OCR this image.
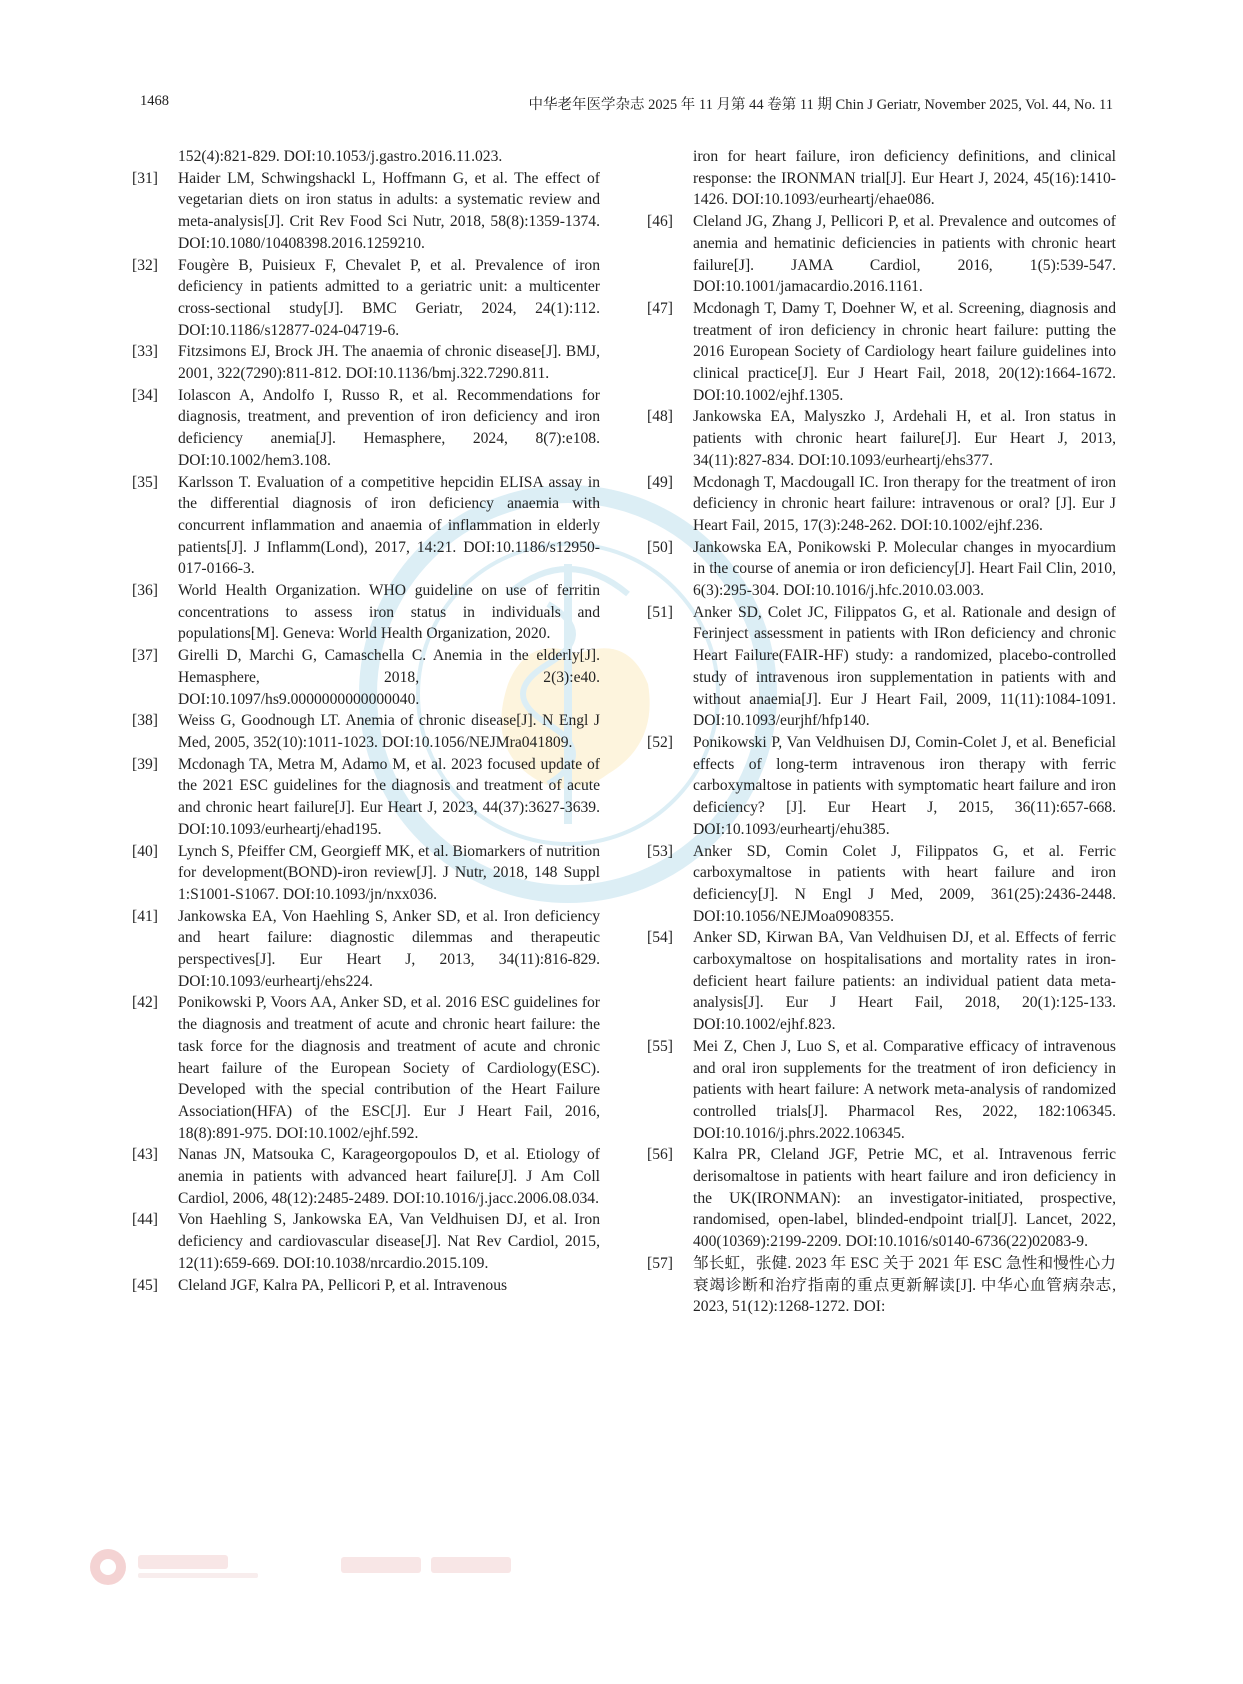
1468	中华老年医学杂志 2025 年 11 月第 44 卷第 11 期 Chin J Geriatr, November 2025, Vol. 44, No. 11
152(4):821-829. DOI:10.1053/j.gastro.2016.11.023.
[31] Haider LM, Schwingshackl L, Hoffmann G, et al. The effect of vegetarian diets on iron status in adults: a systematic review and meta-analysis[J]. Crit Rev Food Sci Nutr, 2018, 58(8):1359-1374. DOI:10.1080/10408398.2016.1259210.
[32] Fougère B, Puisieux F, Chevalet P, et al. Prevalence of iron deficiency in patients admitted to a geriatric unit: a multicenter cross-sectional study[J]. BMC Geriatr, 2024, 24(1):112. DOI:10.1186/s12877-024-04719-6.
[33] Fitzsimons EJ, Brock JH. The anaemia of chronic disease[J]. BMJ, 2001, 322(7290):811-812. DOI:10.1136/bmj.322.7290.811.
[34] Iolascon A, Andolfo I, Russo R, et al. Recommendations for diagnosis, treatment, and prevention of iron deficiency and iron deficiency anemia[J]. Hemasphere, 2024, 8(7):e108. DOI:10.1002/hem3.108.
[35] Karlsson T. Evaluation of a competitive hepcidin ELISA assay in the differential diagnosis of iron deficiency anaemia with concurrent inflammation and anaemia of inflammation in elderly patients[J]. J Inflamm(Lond), 2017, 14:21. DOI:10.1186/s12950-017-0166-3.
[36] World Health Organization. WHO guideline on use of ferritin concentrations to assess iron status in individuals and populations[M]. Geneva: World Health Organization, 2020.
[37] Girelli D, Marchi G, Camaschella C. Anemia in the elderly[J]. Hemasphere, 2018, 2(3):e40. DOI:10.1097/hs9.0000000000000040.
[38] Weiss G, Goodnough LT. Anemia of chronic disease[J]. N Engl J Med, 2005, 352(10):1011-1023. DOI:10.1056/NEJMra041809.
[39] Mcdonagh TA, Metra M, Adamo M, et al. 2023 focused update of the 2021 ESC guidelines for the diagnosis and treatment of acute and chronic heart failure[J]. Eur Heart J, 2023, 44(37):3627-3639. DOI:10.1093/eurheartj/ehad195.
[40] Lynch S, Pfeiffer CM, Georgieff MK, et al. Biomarkers of nutrition for development(BOND)-iron review[J]. J Nutr, 2018, 148 Suppl 1:S1001-S1067. DOI:10.1093/jn/nxx036.
[41] Jankowska EA, Von Haehling S, Anker SD, et al. Iron deficiency and heart failure: diagnostic dilemmas and therapeutic perspectives[J]. Eur Heart J, 2013, 34(11):816-829. DOI:10.1093/eurheartj/ehs224.
[42] Ponikowski P, Voors AA, Anker SD, et al. 2016 ESC guidelines for the diagnosis and treatment of acute and chronic heart failure: the task force for the diagnosis and treatment of acute and chronic heart failure of the European Society of Cardiology(ESC). Developed with the special contribution of the Heart Failure Association(HFA) of the ESC[J]. Eur J Heart Fail, 2016, 18(8):891-975. DOI:10.1002/ejhf.592.
[43] Nanas JN, Matsouka C, Karageorgopoulos D, et al. Etiology of anemia in patients with advanced heart failure[J]. J Am Coll Cardiol, 2006, 48(12):2485-2489. DOI:10.1016/j.jacc.2006.08.034.
[44] Von Haehling S, Jankowska EA, Van Veldhuisen DJ, et al. Iron deficiency and cardiovascular disease[J]. Nat Rev Cardiol, 2015, 12(11):659-669. DOI:10.1038/nrcardio.2015.109.
[45] Cleland JGF, Kalra PA, Pellicori P, et al. Intravenous
iron for heart failure, iron deficiency definitions, and clinical response: the IRONMAN trial[J]. Eur Heart J, 2024, 45(16):1410-1426. DOI:10.1093/eurheartj/ehae086.
[46] Cleland JG, Zhang J, Pellicori P, et al. Prevalence and outcomes of anemia and hematinic deficiencies in patients with chronic heart failure[J]. JAMA Cardiol, 2016, 1(5):539-547. DOI:10.1001/jamacardio.2016.1161.
[47] Mcdonagh T, Damy T, Doehner W, et al. Screening, diagnosis and treatment of iron deficiency in chronic heart failure: putting the 2016 European Society of Cardiology heart failure guidelines into clinical practice[J]. Eur J Heart Fail, 2018, 20(12):1664-1672. DOI:10.1002/ejhf.1305.
[48] Jankowska EA, Malyszko J, Ardehali H, et al. Iron status in patients with chronic heart failure[J]. Eur Heart J, 2013, 34(11):827-834. DOI:10.1093/eurheartj/ehs377.
[49] Mcdonagh T, Macdougall IC. Iron therapy for the treatment of iron deficiency in chronic heart failure: intravenous or oral? [J]. Eur J Heart Fail, 2015, 17(3):248-262. DOI:10.1002/ejhf.236.
[50] Jankowska EA, Ponikowski P. Molecular changes in myocardium in the course of anemia or iron deficiency[J]. Heart Fail Clin, 2010, 6(3):295-304. DOI:10.1016/j.hfc.2010.03.003.
[51] Anker SD, Colet JC, Filippatos G, et al. Rationale and design of Ferinject assessment in patients with IRon deficiency and chronic Heart Failure(FAIR-HF) study: a randomized, placebo-controlled study of intravenous iron supplementation in patients with and without anaemia[J]. Eur J Heart Fail, 2009, 11(11):1084-1091. DOI:10.1093/eurjhf/hfp140.
[52] Ponikowski P, Van Veldhuisen DJ, Comin-Colet J, et al. Beneficial effects of long-term intravenous iron therapy with ferric carboxymaltose in patients with symptomatic heart failure and iron deficiency? [J]. Eur Heart J, 2015, 36(11):657-668. DOI:10.1093/eurheartj/ehu385.
[53] Anker SD, Comin Colet J, Filippatos G, et al. Ferric carboxymaltose in patients with heart failure and iron deficiency[J]. N Engl J Med, 2009, 361(25):2436-2448. DOI:10.1056/NEJMoa0908355.
[54] Anker SD, Kirwan BA, Van Veldhuisen DJ, et al. Effects of ferric carboxymaltose on hospitalisations and mortality rates in iron-deficient heart failure patients: an individual patient data meta-analysis[J]. Eur J Heart Fail, 2018, 20(1):125-133. DOI:10.1002/ejhf.823.
[55] Mei Z, Chen J, Luo S, et al. Comparative efficacy of intravenous and oral iron supplements for the treatment of iron deficiency in patients with heart failure: A network meta-analysis of randomized controlled trials[J]. Pharmacol Res, 2022, 182:106345. DOI:10.1016/j.phrs.2022.106345.
[56] Kalra PR, Cleland JGF, Petrie MC, et al. Intravenous ferric derisomaltose in patients with heart failure and iron deficiency in the UK(IRONMAN): an investigator-initiated, prospective, randomised, open-label, blinded-endpoint trial[J]. Lancet, 2022, 400(10369):2199-2209. DOI:10.1016/s0140-6736(22)02083-9.
[57] 邹长虹，张健. 2023 年 ESC 关于 2021 年 ESC 急性和慢性心力衰竭诊断和治疗指南的重点更新解读[J]. 中华心血管病杂志, 2023, 51(12):1268-1272. DOI:
